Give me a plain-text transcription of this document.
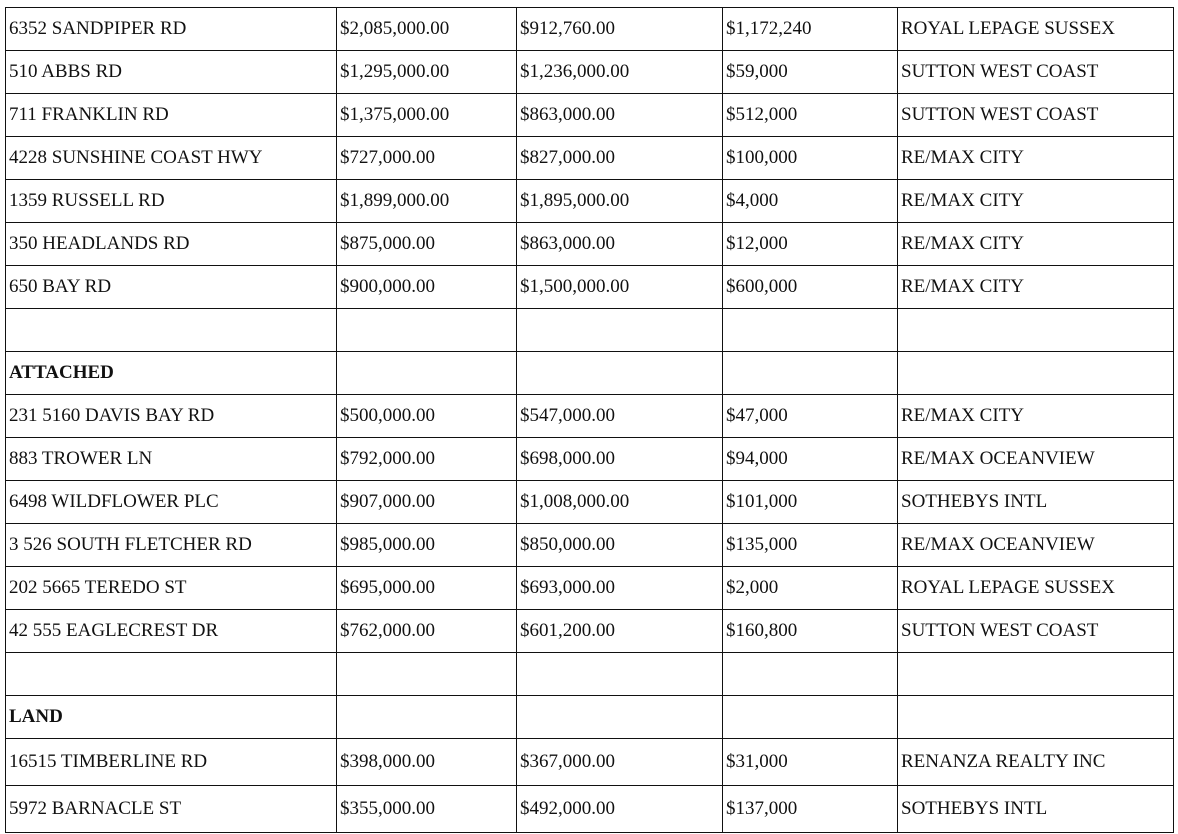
6352 SANDPIPER RD	$2,085,000.00	$912,760.00	$1,172,240	ROYAL LEPAGE SUSSEX
510 ABBS RD	$1,295,000.00	$1,236,000.00	$59,000	SUTTON WEST COAST
711 FRANKLIN RD	$1,375,000.00	$863,000.00	$512,000	SUTTON WEST COAST
4228 SUNSHINE COAST HWY	$727,000.00	$827,000.00	$100,000	RE/MAX CITY
1359 RUSSELL RD	$1,899,000.00	$1,895,000.00	$4,000	RE/MAX CITY
350 HEADLANDS RD	$875,000.00	$863,000.00	$12,000	RE/MAX CITY
650 BAY RD	$900,000.00	$1,500,000.00	$600,000	RE/MAX CITY

ATTACHED				
231 5160 DAVIS BAY RD	$500,000.00	$547,000.00	$47,000	RE/MAX CITY
883 TROWER LN	$792,000.00	$698,000.00	$94,000	RE/MAX OCEANVIEW
6498 WILDFLOWER PLC	$907,000.00	$1,008,000.00	$101,000	SOTHEBYS INTL
3 526 SOUTH FLETCHER RD	$985,000.00	$850,000.00	$135,000	RE/MAX OCEANVIEW
202 5665 TEREDO ST	$695,000.00	$693,000.00	$2,000	ROYAL LEPAGE SUSSEX
42 555 EAGLECREST DR	$762,000.00	$601,200.00	$160,800	SUTTON WEST COAST

LAND				
16515 TIMBERLINE RD	$398,000.00	$367,000.00	$31,000	RENANZA REALTY INC
5972 BARNACLE ST	$355,000.00	$492,000.00	$137,000	SOTHEBYS INTL
